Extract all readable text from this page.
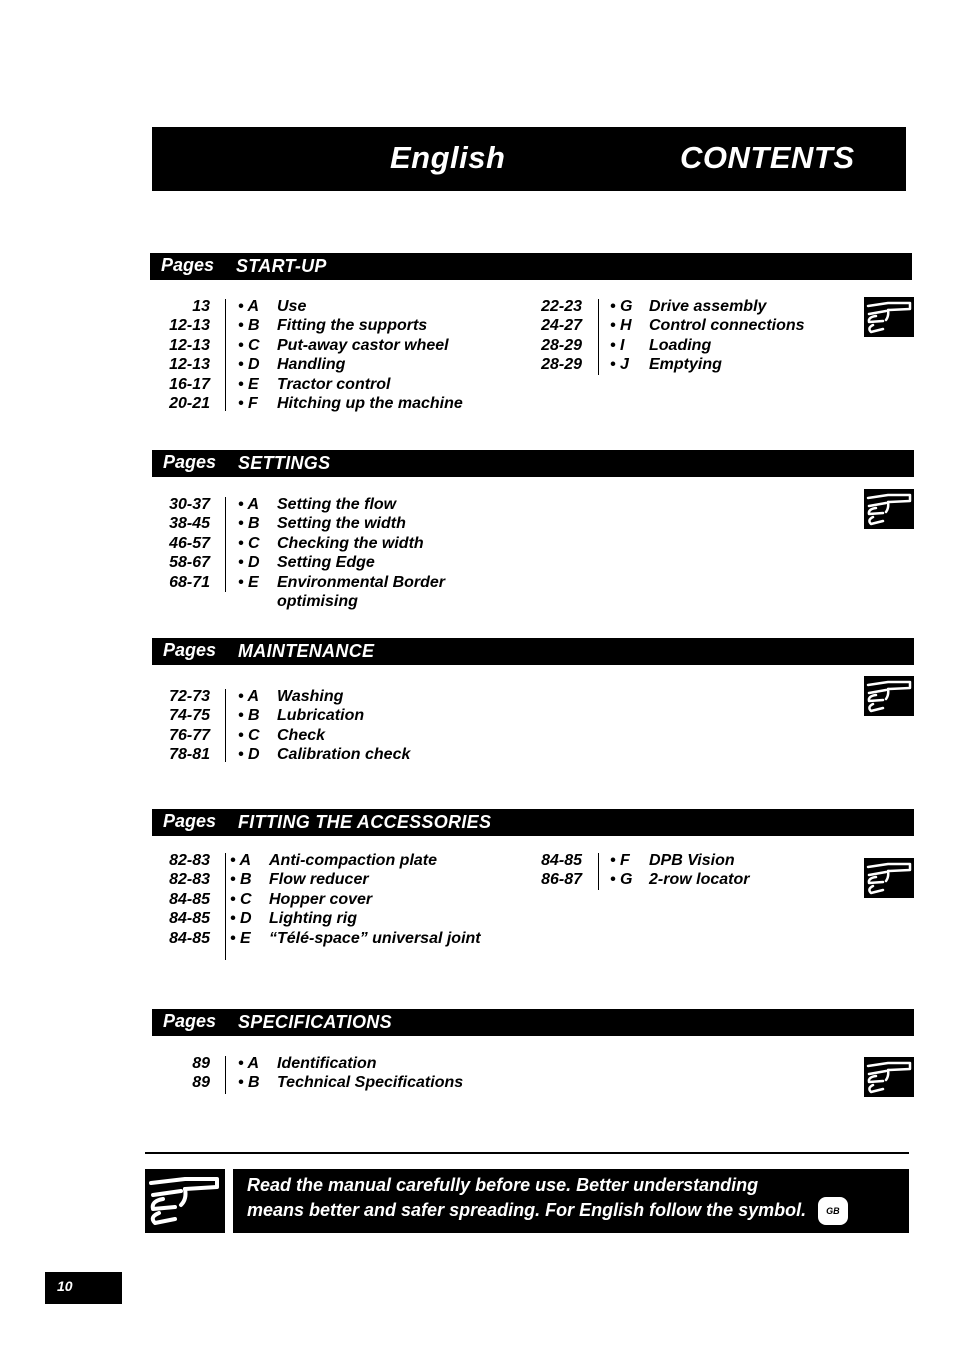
English	CONTENTS
Pages START-UP
13 • A Use
12-13 • B Fitting the supports
12-13 • C Put-away castor wheel
12-13 • D Handling
16-17 • E Tractor control
20-21 • F Hitching up the machine
22-23 • G Drive assembly
24-27 • H Control connections
28-29 • I Loading
28-29 • J Emptying
Pages SETTINGS
30-37 • A Setting the flow
38-45 • B Setting the width
46-57 • C Checking the width
58-67 • D Setting Edge
68-71 • E Environmental Border
optimising
Pages MAINTENANCE
72-73 • A Washing
74-75 • B Lubrication
76-77 • C Check
78-81 • D Calibration check
Pages FITTING THE ACCESSORIES
82-83 • A Anti-compaction plate
82-83 • B Flow reducer
84-85 • C Hopper cover
84-85 • D Lighting rig
84-85 • E “Télé-space” universal joint
84-85 • F DPB Vision
86-87 • G 2-row locator
Pages SPECIFICATIONS
89 • A Identification
89 • B Technical Specifications
Read the manual carefully before use. Better understanding
means better and safer spreading. For English follow the symbol. GB
10
